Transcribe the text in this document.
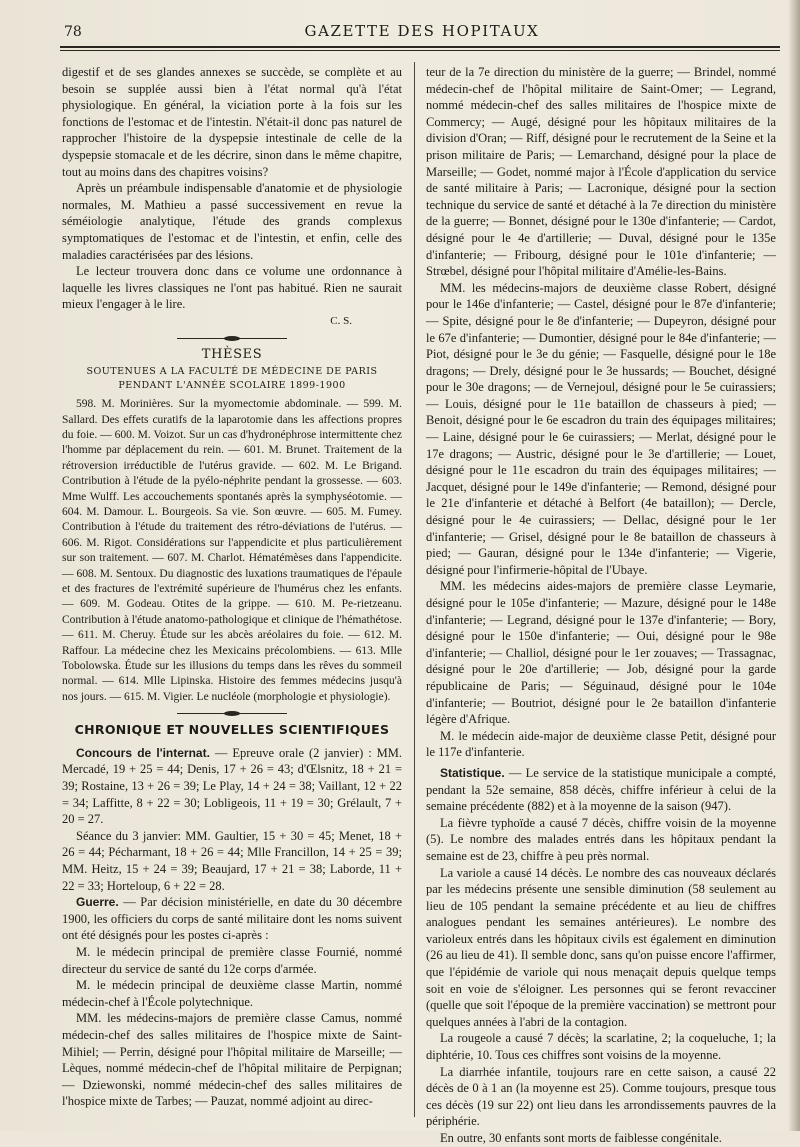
78	GAZETTE DES HOPITAUX

digestif et de ses glandes annexes se succède, se complète et au besoin se supplée aussi bien à l'état normal qu'à l'état physiologique. En général, la viciation porte à la fois sur les fonctions de l'estomac et de l'intestin. N'était-il donc pas naturel de rapprocher l'histoire de la dyspepsie intestinale de celle de la dyspepsie stomacale et de les décrire, sinon dans le même chapitre, tout au moins dans des chapitres voisins?

Après un préambule indispensable d'anatomie et de physiologie normales, M. Mathieu a passé successivement en revue la séméiologie analytique, l'étude des grands complexus symptomatiques de l'estomac et de l'intestin, et enfin, celle des maladies caractérisées par des lésions.

Le lecteur trouvera donc dans ce volume une ordonnance à laquelle les livres classiques ne l'ont pas habitué. Rien ne saurait mieux l'engager à le lire.

C. S.
THÈSES
SOUTENUES A LA FACULTÉ DE MÉDECINE DE PARIS
PENDANT L'ANNÉE SCOLAIRE 1899-1900

598. M. Morinières. Sur la myomectomie abdominale. — 599. M. Sallard. Des effets curatifs de la laparotomie dans les affections propres du foie. — 600. M. Voizot. Sur un cas d'hydronéphrose intermittente chez l'homme par déplacement du rein. — 601. M. Brunet. Traitement de la rétroversion irréductible de l'utérus gravide. — 602. M. Le Brigand. Contribution à l'étude de la pyélo-néphrite pendant la grossesse. — 603. Mme Wulff. Les accouchements spontanés après la symphyséotomie. — 604. M. Damour. L. Bourgeois. Sa vie. Son œuvre. — 605. M. Fumey. Contribution à l'étude du traitement des rétro-déviations de l'utérus. — 606. M. Rigot. Considérations sur l'appendicite et plus particulièrement sur son traitement. — 607. M. Charlot. Hématémèses dans l'appendicite. — 608. M. Sentoux. Du diagnostic des luxations traumatiques de l'épaule et des fractures de l'extrémité supérieure de l'humérus chez les enfants. — 609. M. Godeau. Otites de la grippe. — 610. M. Pe-rietzeanu. Contribution à l'étude anatomo-pathologique et clinique de l'hémathétose. — 611. M. Cheruy. Étude sur les abcès aréolaires du foie. — 612. M. Raffour. La médecine chez les Mexicains précolombiens. — 613. Mlle Tobolowska. Étude sur les illusions du temps dans les rêves du sommeil normal. — 614. Mlle Lipinska. Histoire des femmes médecins jusqu'à nos jours. — 615. M. Vigier. Le nucléole (morphologie et physiologie).

CHRONIQUE ET NOUVELLES SCIENTIFIQUES

Concours de l'internat. — Epreuve orale (2 janvier) : MM. Mercadé, 19 + 25 = 44; Denis, 17 + 26 = 43; d'Œlsnitz, 18 + 21 = 39; Rostaine, 13 + 26 = 39; Le Play, 14 + 24 = 38; Vaillant, 12 + 22 = 34; Laffitte, 8 + 22 = 30; Lobligeois, 11 + 19 = 30; Grélault, 7 + 20 = 27.

Séance du 3 janvier: MM. Gaultier, 15 + 30 = 45; Menet, 18 + 26 = 44; Pécharmant, 18 + 26 = 44; Mlle Francillon, 14 + 25 = 39; MM. Heitz, 15 + 24 = 39; Beaujard, 17 + 21 = 38; Laborde, 11 + 22 = 33; Horteloup, 6 + 22 = 28.

Guerre. — Par décision ministérielle, en date du 30 décembre 1900, les officiers du corps de santé militaire dont les noms suivent ont été désignés pour les postes ci-après :

M. le médecin principal de première classe Fournié, nommé directeur du service de santé du 12e corps d'armée.

M. le médecin principal de deuxième classe Martin, nommé médecin-chef à l'École polytechnique.

MM. les médecins-majors de première classe Camus, nommé médecin-chef des salles militaires de l'hospice mixte de Saint-Mihiel; — Perrin, désigné pour l'hôpital militaire de Marseille; — Lèques, nommé médecin-chef de l'hôpital militaire de Perpignan; — Dziewonski, nommé médecin-chef des salles militaires de l'hospice mixte de Tarbes; — Pauzat, nommé adjoint au direc-

teur de la 7e direction du ministère de la guerre; — Brindel, nommé médecin-chef de l'hôpital militaire de Saint-Omer; — Legrand, nommé médecin-chef des salles militaires de l'hospice mixte de Commercy; — Augé, désigné pour les hôpitaux militaires de la division d'Oran; — Riff, désigné pour le recrutement de la Seine et la prison militaire de Paris; — Lemarchand, désigné pour la place de Marseille; — Godet, nommé major à l'École d'application du service de santé militaire à Paris; — Lacronique, désigné pour la section technique du service de santé et détaché à la 7e direction du ministère de la guerre; — Bonnet, désigné pour le 130e d'infanterie; — Cardot, désigné pour le 4e d'artillerie; — Duval, désigné pour le 135e d'infanterie; — Fribourg, désigné pour le 101e d'infanterie; — Strœbel, désigné pour l'hôpital militaire d'Amélie-les-Bains.

MM. les médecins-majors de deuxième classe Robert, désigné pour le 146e d'infanterie; — Castel, désigné pour le 87e d'infanterie; — Spite, désigné pour le 8e d'infanterie; — Dupeyron, désigné pour le 67e d'infanterie; — Dumontier, désigné pour le 84e d'infanterie; — Piot, désigné pour le 3e du génie; — Fasquelle, désigné pour le 18e dragons; — Drely, désigné pour le 3e hussards; — Bouchet, désigné pour le 30e dragons; — de Vernejoul, désigné pour le 5e cuirassiers; — Louis, désigné pour le 11e bataillon de chasseurs à pied; — Benoit, désigné pour le 6e escadron du train des équipages militaires; — Laine, désigné pour le 6e cuirassiers; — Merlat, désigné pour le 17e dragons; — Austric, désigné pour le 3e d'artillerie; — Louet, désigné pour le 11e escadron du train des équipages militaires; — Jacquet, désigné pour le 149e d'infanterie; — Remond, désigné pour le 21e d'infanterie et détaché à Belfort (4e bataillon); — Dercle, désigné pour le 4e cuirassiers; — Dellac, désigné pour le 1er d'infanterie; — Grisel, désigné pour le 8e bataillon de chasseurs à pied; — Gauran, désigné pour le 134e d'infanterie; — Vigerie, désigné pour l'infirmerie-hôpital de l'Ubaye.

MM. les médecins aides-majors de première classe Leymarie, désigné pour le 105e d'infanterie; — Mazure, désigné pour le 148e d'infanterie; — Legrand, désigné pour le 137e d'infanterie; — Bory, désigné pour le 150e d'infanterie; — Oui, désigné pour le 98e d'infanterie; — Challiol, désigné pour le 1er zouaves; — Trassagnac, désigné pour le 20e d'artillerie; — Job, désigné pour la garde républicaine de Paris; — Séguinaud, désigné pour le 104e d'infanterie; — Boutriot, désigné pour le 2e bataillon d'infanterie légère d'Afrique.

M. le médecin aide-major de deuxième classe Petit, désigné pour le 117e d'infanterie.

Statistique. — Le service de la statistique municipale a compté, pendant la 52e semaine, 858 décès, chiffre inférieur à celui de la semaine précédente (882) et à la moyenne de la saison (947).

La fièvre typhoïde a causé 7 décès, chiffre voisin de la moyenne (5). Le nombre des malades entrés dans les hôpitaux pendant la semaine est de 23, chiffre à peu près normal.

La variole a causé 14 décès. Le nombre des cas nouveaux déclarés par les médecins présente une sensible diminution (58 seulement au lieu de 105 pendant la semaine précédente et au lieu de chiffres analogues pendant les semaines antérieures). Le nombre des varioleux entrés dans les hôpitaux civils est également en diminution (26 au lieu de 41). Il semble donc, sans qu'on puisse encore l'affirmer, que l'épidémie de variole qui nous menaçait depuis quelque temps soit en voie de s'éloigner. Les personnes qui se feront revacciner (quelle que soit l'époque de la première vaccination) se mettront pour quelques années à l'abri de la contagion.

La rougeole a causé 7 décès; la scarlatine, 2; la coqueluche, 1; la diphtérie, 10. Tous ces chiffres sont voisins de la moyenne.

La diarrhée infantile, toujours rare en cette saison, a causé 22 décès de 0 à 1 an (la moyenne est 25). Comme toujours, presque tous ces décès (19 sur 22) ont lieu dans les arrondissements pauvres de la périphérie.

En outre, 30 enfants sont morts de faiblesse congénitale.
